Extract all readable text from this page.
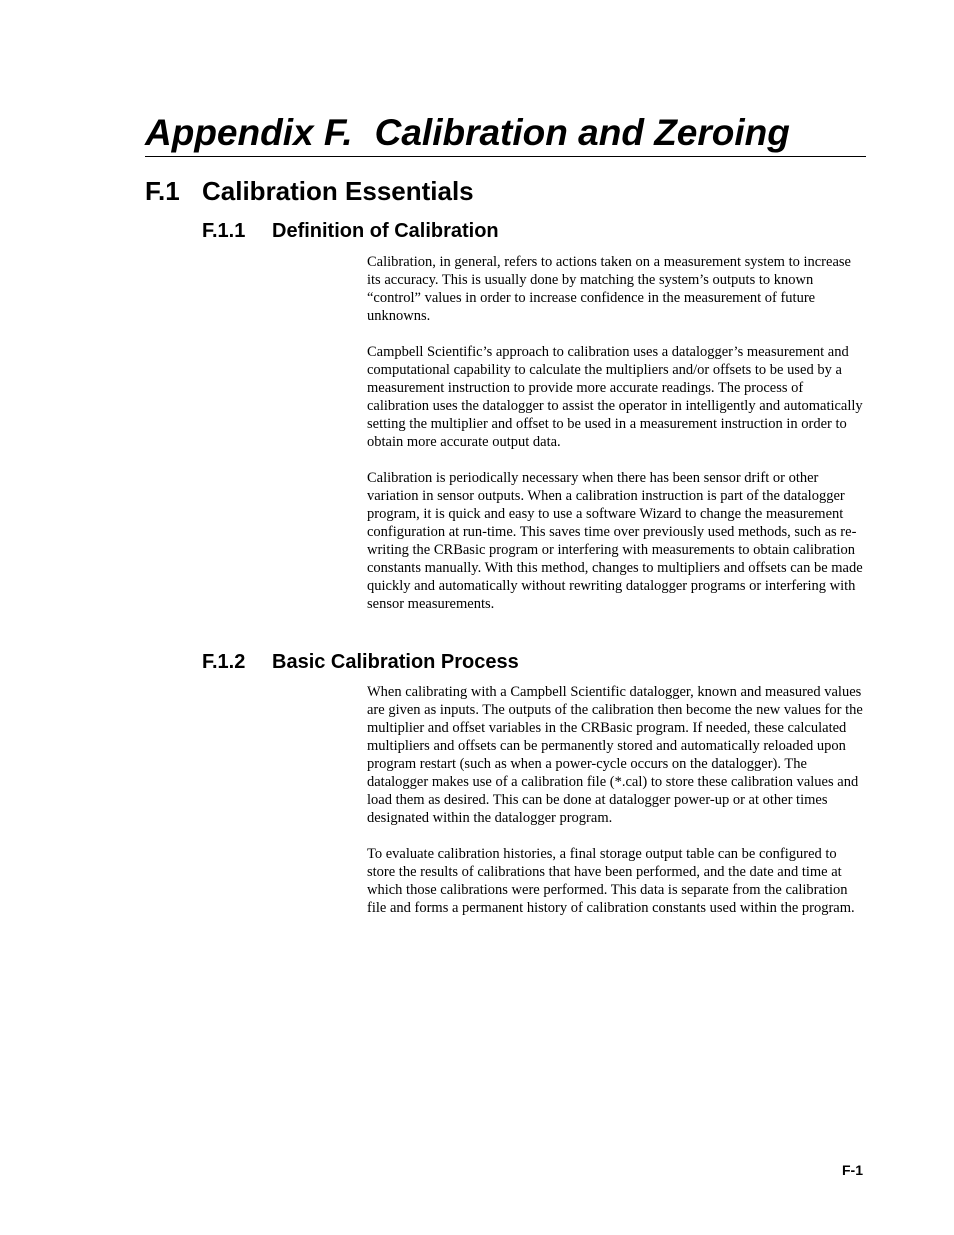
Appendix F. Calibration and Zeroing
F.1 Calibration Essentials
F.1.1 Definition of Calibration

Calibration, in general, refers to actions taken on a measurement system to increase its accuracy. This is usually done by matching the system’s outputs to known “control” values in order to increase confidence in the measurement of future unknowns.

Campbell Scientific’s approach to calibration uses a datalogger’s measurement and computational capability to calculate the multipliers and/or offsets to be used by a measurement instruction to provide more accurate readings. The process of calibration uses the datalogger to assist the operator in intelligently and automatically setting the multiplier and offset to be used in a measurement instruction in order to obtain more accurate output data.

Calibration is periodically necessary when there has been sensor drift or other variation in sensor outputs. When a calibration instruction is part of the datalogger program, it is quick and easy to use a software Wizard to change the measurement configuration at run-time. This saves time over previously used methods, such as re-writing the CRBasic program or interfering with measurements to obtain calibration constants manually. With this method, changes to multipliers and offsets can be made quickly and automatically without rewriting datalogger programs or interfering with sensor measurements.

F.1.2 Basic Calibration Process

When calibrating with a Campbell Scientific datalogger, known and measured values are given as inputs. The outputs of the calibration then become the new values for the multiplier and offset variables in the CRBasic program. If needed, these calculated multipliers and offsets can be permanently stored and automatically reloaded upon program restart (such as when a power-cycle occurs on the datalogger). The datalogger makes use of a calibration file (*.cal) to store these calibration values and load them as desired. This can be done at datalogger power-up or at other times designated within the datalogger program.

To evaluate calibration histories, a final storage output table can be configured to store the results of calibrations that have been performed, and the date and time at which those calibrations were performed. This data is separate from the calibration file and forms a permanent history of calibration constants used within the program.

F-1
